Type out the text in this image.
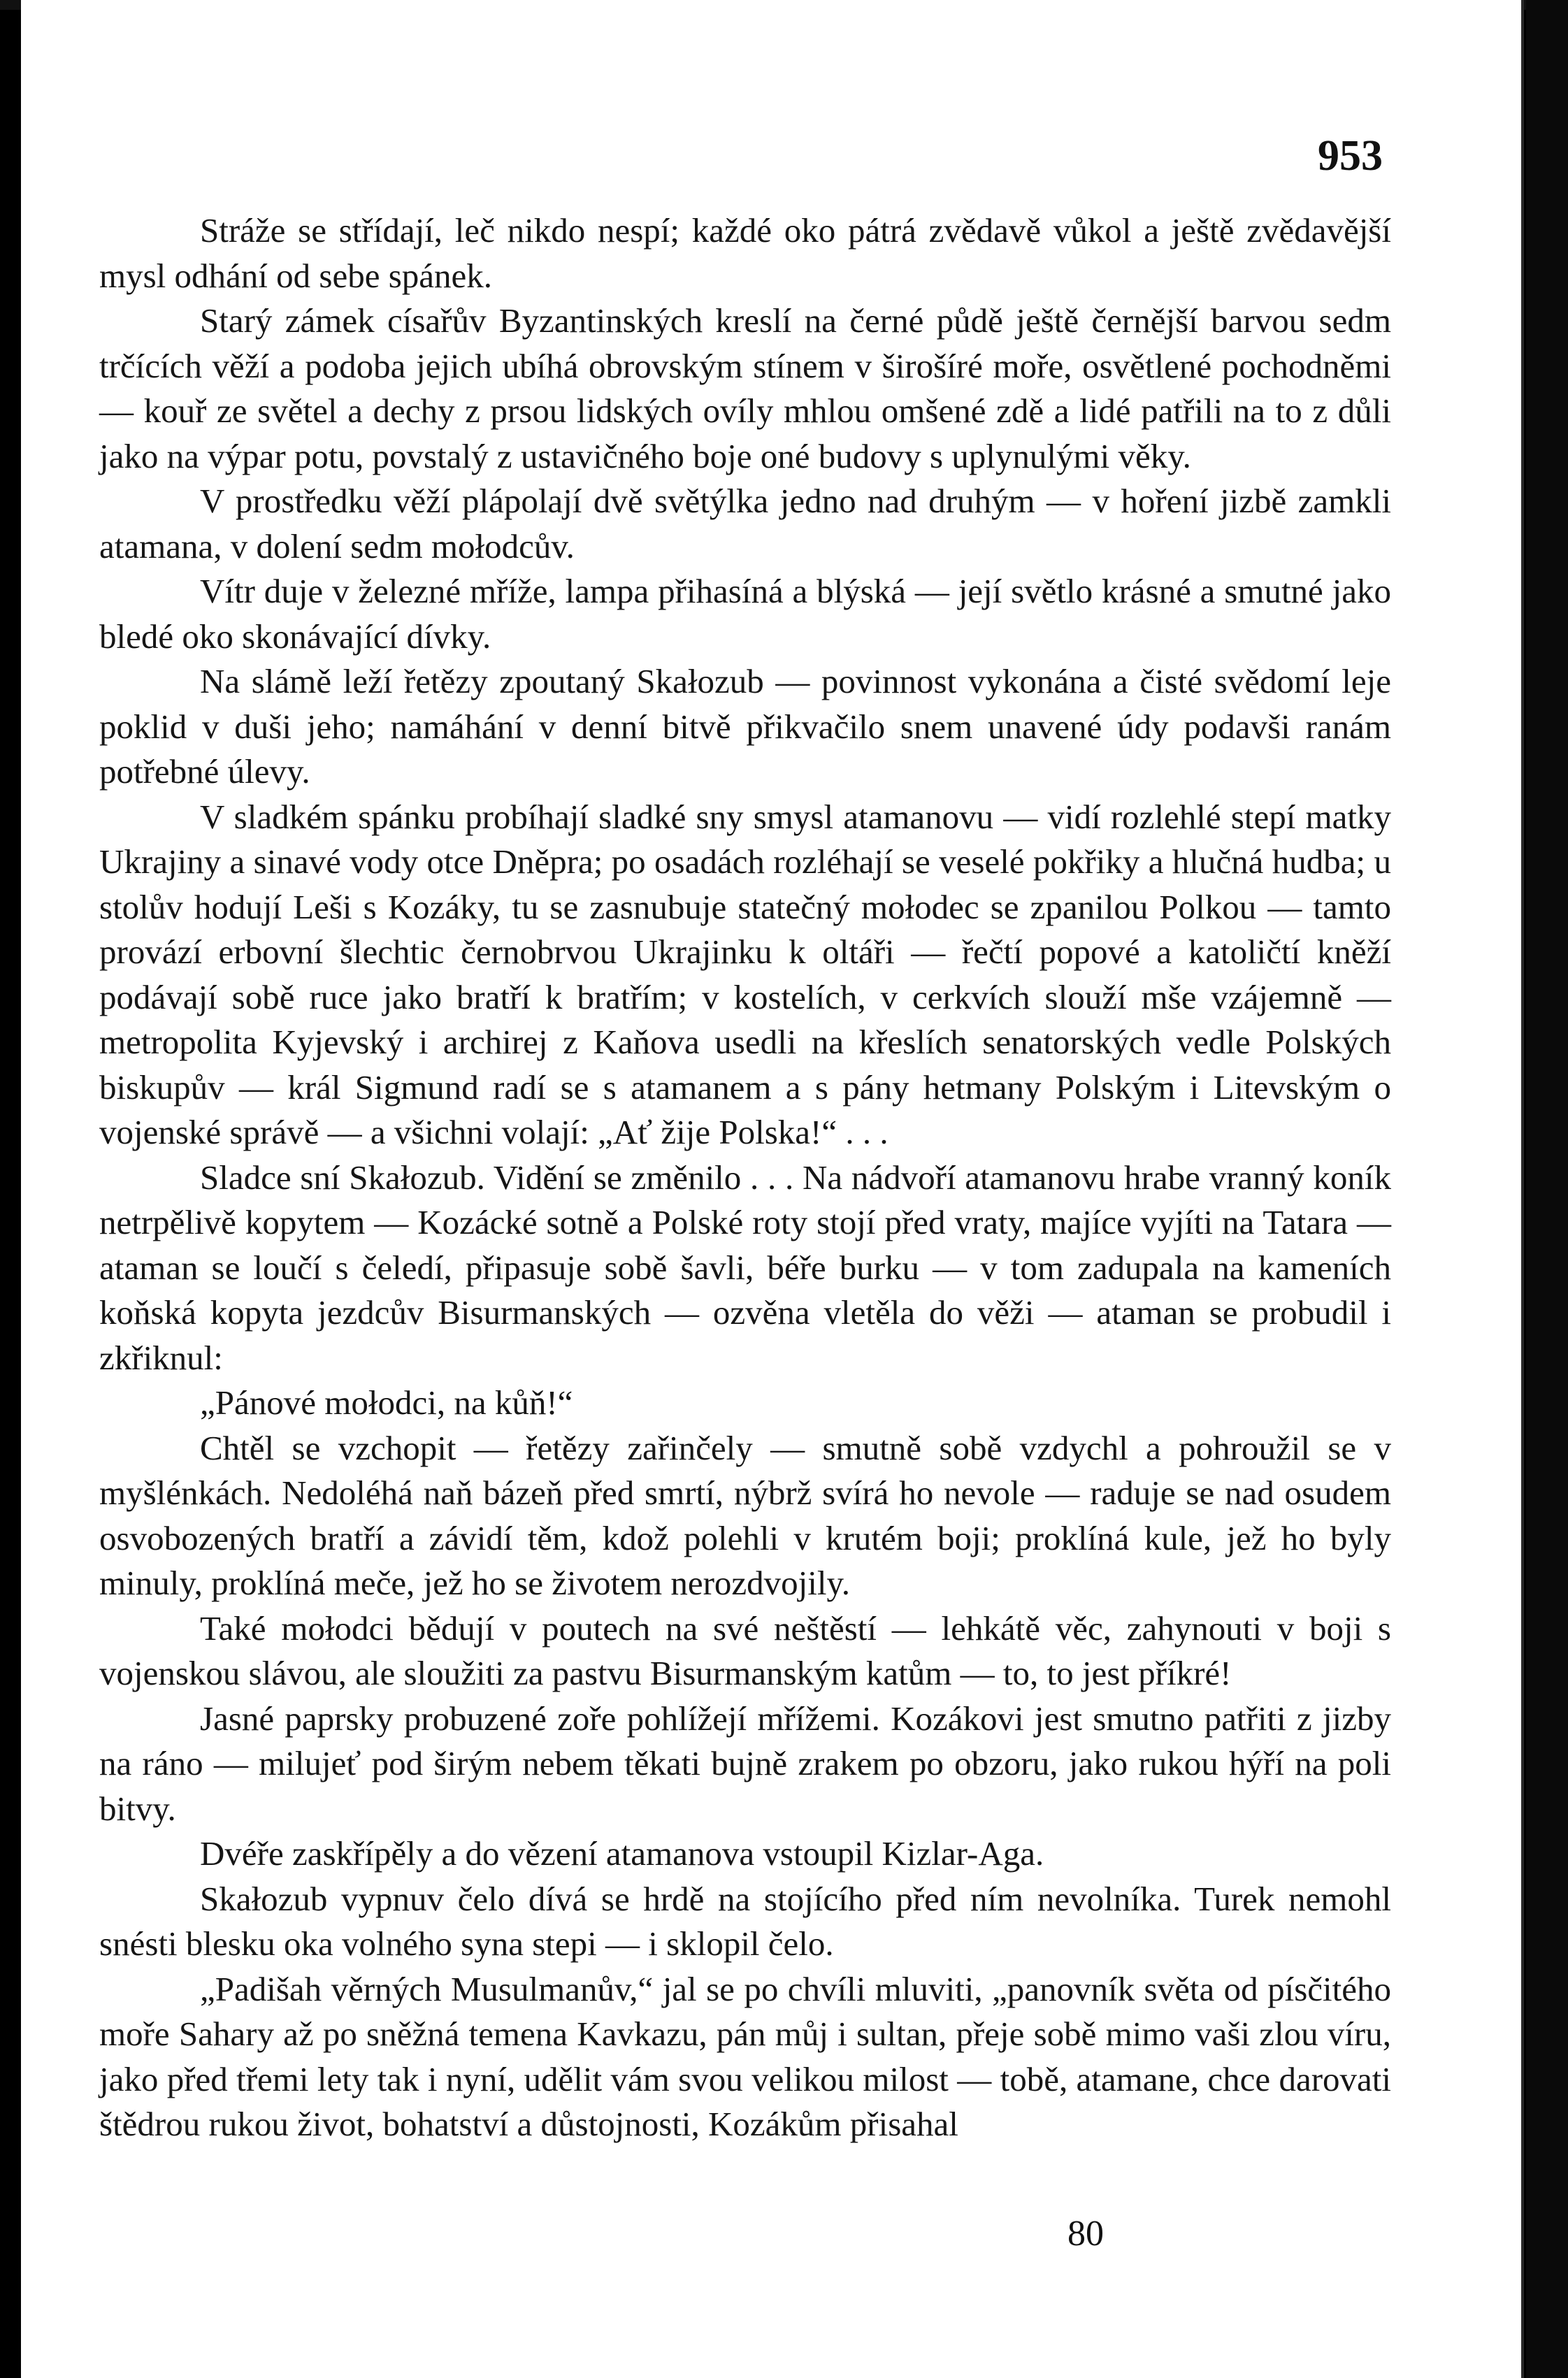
953

Stráže se střídají, leč nikdo nespí; každé oko pátrá zvědavě vůkol a ještě zvědavější mysl odhání od sebe spánek.

Starý zámek císařův Byzantinských kreslí na černé půdě ještě černější barvou sedm trčících věží a podoba jejich ubíhá obrovským stínem v širošíré moře, osvětlené pochodněmi — kouř ze světel a dechy z prsou lidských ovíly mhlou omšené zdě a lidé patřili na to z důli jako na výpar potu, povstalý z ustavičného boje oné budovy s uplynulými věky.

V prostředku věží plápolají dvě světýlka jedno nad druhým — v hoření jizbě zamkli atamana, v dolení sedm mołodcův.

Vítr duje v železné mříže, lampa přihasíná a blýská — její světlo krásné a smutné jako bledé oko skonávající dívky.

Na slámě leží řetězy zpoutaný Skałozub — povinnost vykonána a čisté svědomí leje poklid v duši jeho; namáhání v denní bitvě přikvačilo snem unavené údy podavši ranám potřebné úlevy.

V sladkém spánku probíhají sladké sny smysl atamanovu — vidí rozlehlé stepí matky Ukrajiny a sinavé vody otce Dněpra; po osadách rozléhají se veselé pokřiky a hlučná hudba; u stolův hodují Leši s Kozáky, tu se zasnubuje statečný mołodec se zpanilou Polkou — tamto provází erbovní šlechtic černobrvou Ukrajinku k oltáři — řečtí popové a katoličtí kněží podávají sobě ruce jako bratří k bratřím; v kostelích, v cerkvích slouží mše vzájemně — metropolita Kyjevský i archirej z Kaňova usedli na křeslích senatorských vedle Polských biskupův — král Sigmund radí se s atamanem a s pány hetmany Polským i Litevským o vojenské správě — a všichni volají: „Ať žije Polska!“ . . .

Sladce sní Skałozub. Vidění se změnilo . . . Na nádvoří atamanovu hrabe vranný koník netrpělivě kopytem — Kozácké sotně a Polské roty stojí před vraty, majíce vyjíti na Tatara — ataman se loučí s čeledí, připasuje sobě šavli, béře burku — v tom zadupala na kameních koňská kopyta jezdcův Bisurmanských — ozvěna vletěla do věži — ataman se probudil i zkřiknul:

„Pánové mołodci, na kůň!“

Chtěl se vzchopit — řetězy zařinčely — smutně sobě vzdychl a pohroužil se v myšlénkách. Nedoléhá naň bázeň před smrtí, nýbrž svírá ho nevole — raduje se nad osudem osvobozených bratří a závidí těm, kdož polehli v krutém boji; proklíná kule, jež ho byly minuly, proklíná meče, jež ho se životem nerozdvojily.

Také mołodci bědují v poutech na své neštěstí — lehkátě věc, zahynouti v boji s vojenskou slávou, ale sloužiti za pastvu Bisurmanským katům — to, to jest příkré!

Jasné paprsky probuzené zoře pohlížejí mřížemi. Kozákovi jest smutno patřiti z jizby na ráno — milujeť pod širým nebem těkati bujně zrakem po obzoru, jako rukou hýří na poli bitvy.

Dvéře zaskřípěly a do vězení atamanova vstoupil Kizlar-Aga.

Skałozub vypnuv čelo dívá se hrdě na stojícího před ním nevolníka. Turek nemohl snésti blesku oka volného syna stepi — i sklopil čelo.

„Padišah věrných Musulmanův,“ jal se po chvíli mluviti, „panovník světa od písčitého moře Sahary až po sněžná temena Kavkazu, pán můj i sultan, přeje sobě mimo vaši zlou víru, jako před třemi lety tak i nyní, udělit vám svou velikou milost — tobě, atamane, chce darovati štědrou rukou život, bohatství a důstojnosti, Kozákům přisahal

80
